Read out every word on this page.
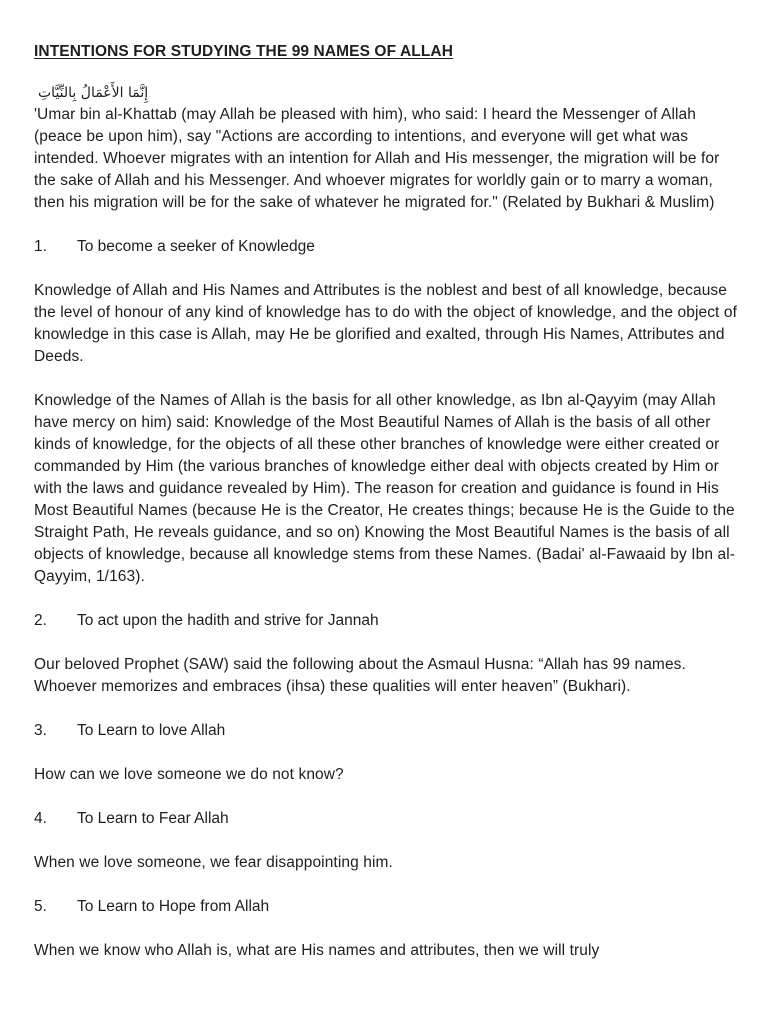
INTENTIONS FOR STUDYING THE 99 NAMES OF ALLAH
إِنَّمَا الأَعْمَالُ بِالنِّيَّاتِ

'Umar bin al-Khattab (may Allah be pleased with him), who said: I heard the Messenger of Allah (peace be upon him), say "Actions are according to intentions, and everyone will get what was intended. Whoever migrates with an intention for Allah and His messenger, the migration will be for the sake of Allah and his Messenger. And whoever migrates for worldly gain or to marry a woman, then his migration will be for the sake of whatever he migrated for." (Related by Bukhari & Muslim)

1.	To become a seeker of Knowledge

Knowledge of Allah and His Names and Attributes is the noblest and best of all knowledge, because the level of honour of any kind of knowledge has to do with the object of knowledge, and the object of knowledge in this case is Allah, may He be glorified and exalted, through His Names, Attributes and Deeds.

Knowledge of the Names of Allah is the basis for all other knowledge, as Ibn al-Qayyim (may Allah have mercy on him) said: Knowledge of the Most Beautiful Names of Allah is the basis of all other kinds of knowledge, for the objects of all these other branches of knowledge were either created or commanded by Him (the various branches of knowledge either deal with objects created by Him or with the laws and guidance revealed by Him). The reason for creation and guidance is found in His Most Beautiful Names (because He is the Creator, He creates things; because He is the Guide to the Straight Path, He reveals guidance, and so on) Knowing the Most Beautiful Names is the basis of all objects of knowledge, because all knowledge stems from these Names. (Badai' al-Fawaaid by Ibn al-Qayyim, 1/163).

2.	To act upon the hadith and strive for Jannah

Our beloved Prophet (SAW) said the following about the Asmaul Husna: “Allah has 99 names. Whoever memorizes and embraces (ihsa) these qualities will enter heaven” (Bukhari).

3.	To Learn to love Allah

How can we love someone we do not know?

4.	To Learn to Fear Allah

When we love someone, we fear disappointing him.

5.	To Learn to Hope from Allah

When we know who Allah is, what are His names and attributes, then we will truly
